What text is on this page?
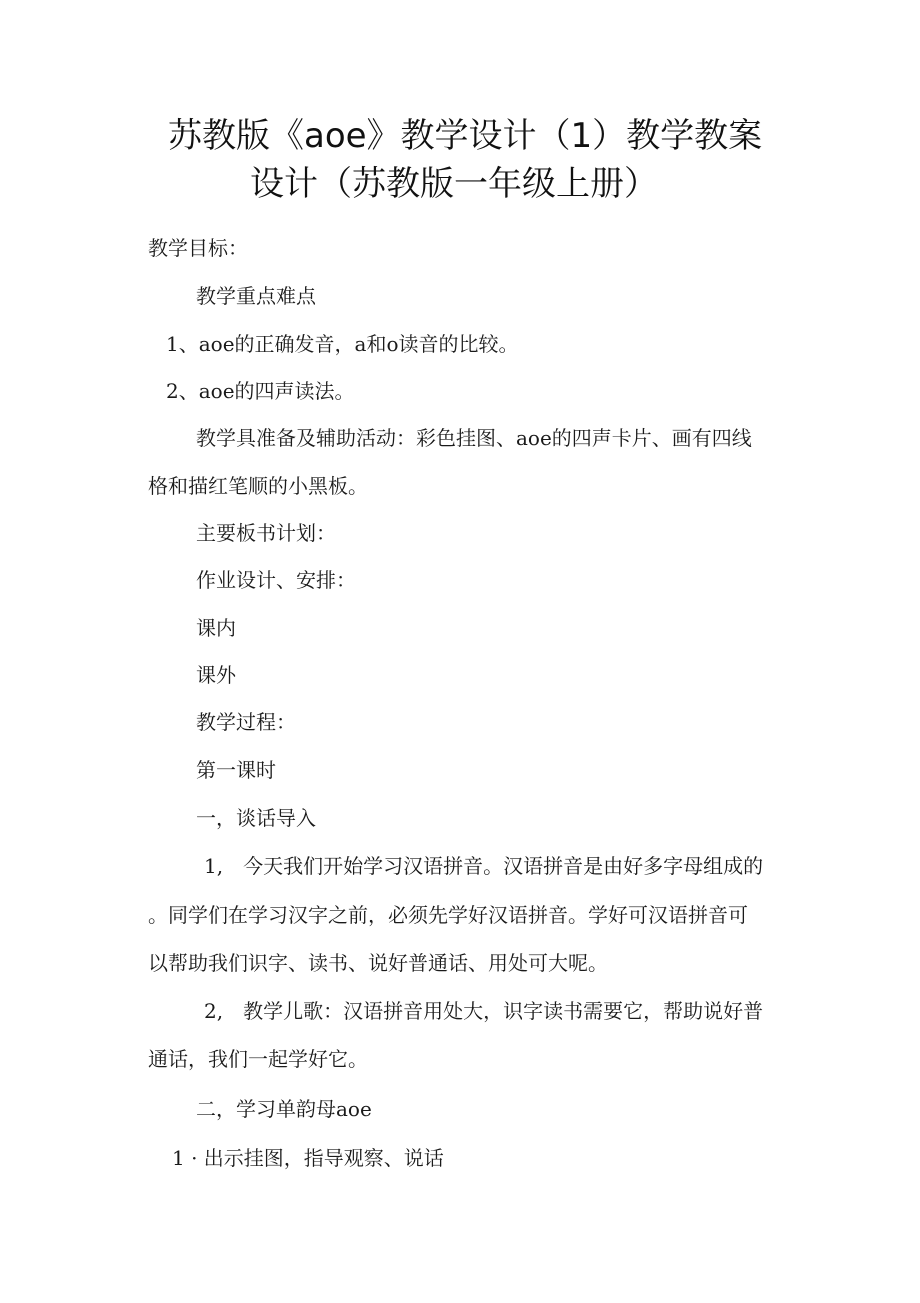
苏教版《aoe》教学设计（1）教学教案
设计（苏教版一年级上册）
教学目标：
教学重点难点
1、aoe的正确发音，a和o读音的比较。
2、aoe的四声读法。
教学具准备及辅助活动：彩色挂图、aoe的四声卡片、画有四线
格和描红笔顺的小黑板。
主要板书计划：
作业设计、安排：
课内
课外
教学过程：
第一课时
一，谈话导入
1,　今天我们开始学习汉语拼音。汉语拼音是由好多字母组成的
。同学们在学习汉字之前，必须先学好汉语拼音。学好可汉语拼音可
以帮助我们识字、读书、说好普通话、用处可大呢。
2,　教学儿歌：汉语拼音用处大，识字读书需要它，帮助说好普
通话，我们一起学好它。
二，学习单韵母aoe
1 · 出示挂图，指导观察、说话
